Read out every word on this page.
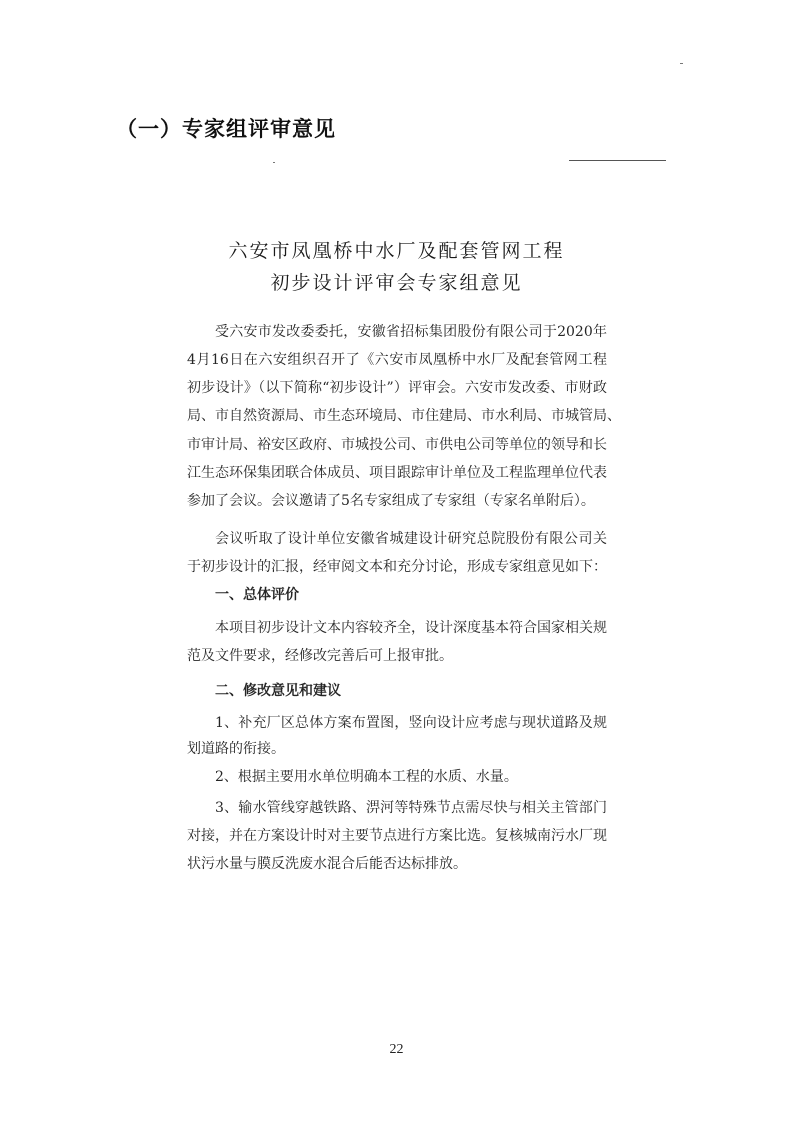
（一）专家组评审意见
六安市凤凰桥中水厂及配套管网工程
初步设计评审会专家组意见
受六安市发改委委托，安徽省招标集团股份有限公司于2020年
4月16日在六安组织召开了《六安市凤凰桥中水厂及配套管网工程
初步设计》（以下简称“初步设计”）评审会。六安市发改委、市财政
局、市自然资源局、市生态环境局、市住建局、市水利局、市城管局、
市审计局、裕安区政府、市城投公司、市供电公司等单位的领导和长
江生态环保集团联合体成员、项目跟踪审计单位及工程监理单位代表
参加了会议。会议邀请了5名专家组成了专家组（专家名单附后）。
会议听取了设计单位安徽省城建设计研究总院股份有限公司关
于初步设计的汇报，经审阅文本和充分讨论，形成专家组意见如下：
一、总体评价
本项目初步设计文本内容较齐全，设计深度基本符合国家相关规
范及文件要求，经修改完善后可上报审批。
二、修改意见和建议
1、补充厂区总体方案布置图，竖向设计应考虑与现状道路及规
划道路的衔接。
2、根据主要用水单位明确本工程的水质、水量。
3、输水管线穿越铁路、淠河等特殊节点需尽快与相关主管部门
对接，并在方案设计时对主要节点进行方案比选。复核城南污水厂现
状污水量与膜反洗废水混合后能否达标排放。
22
